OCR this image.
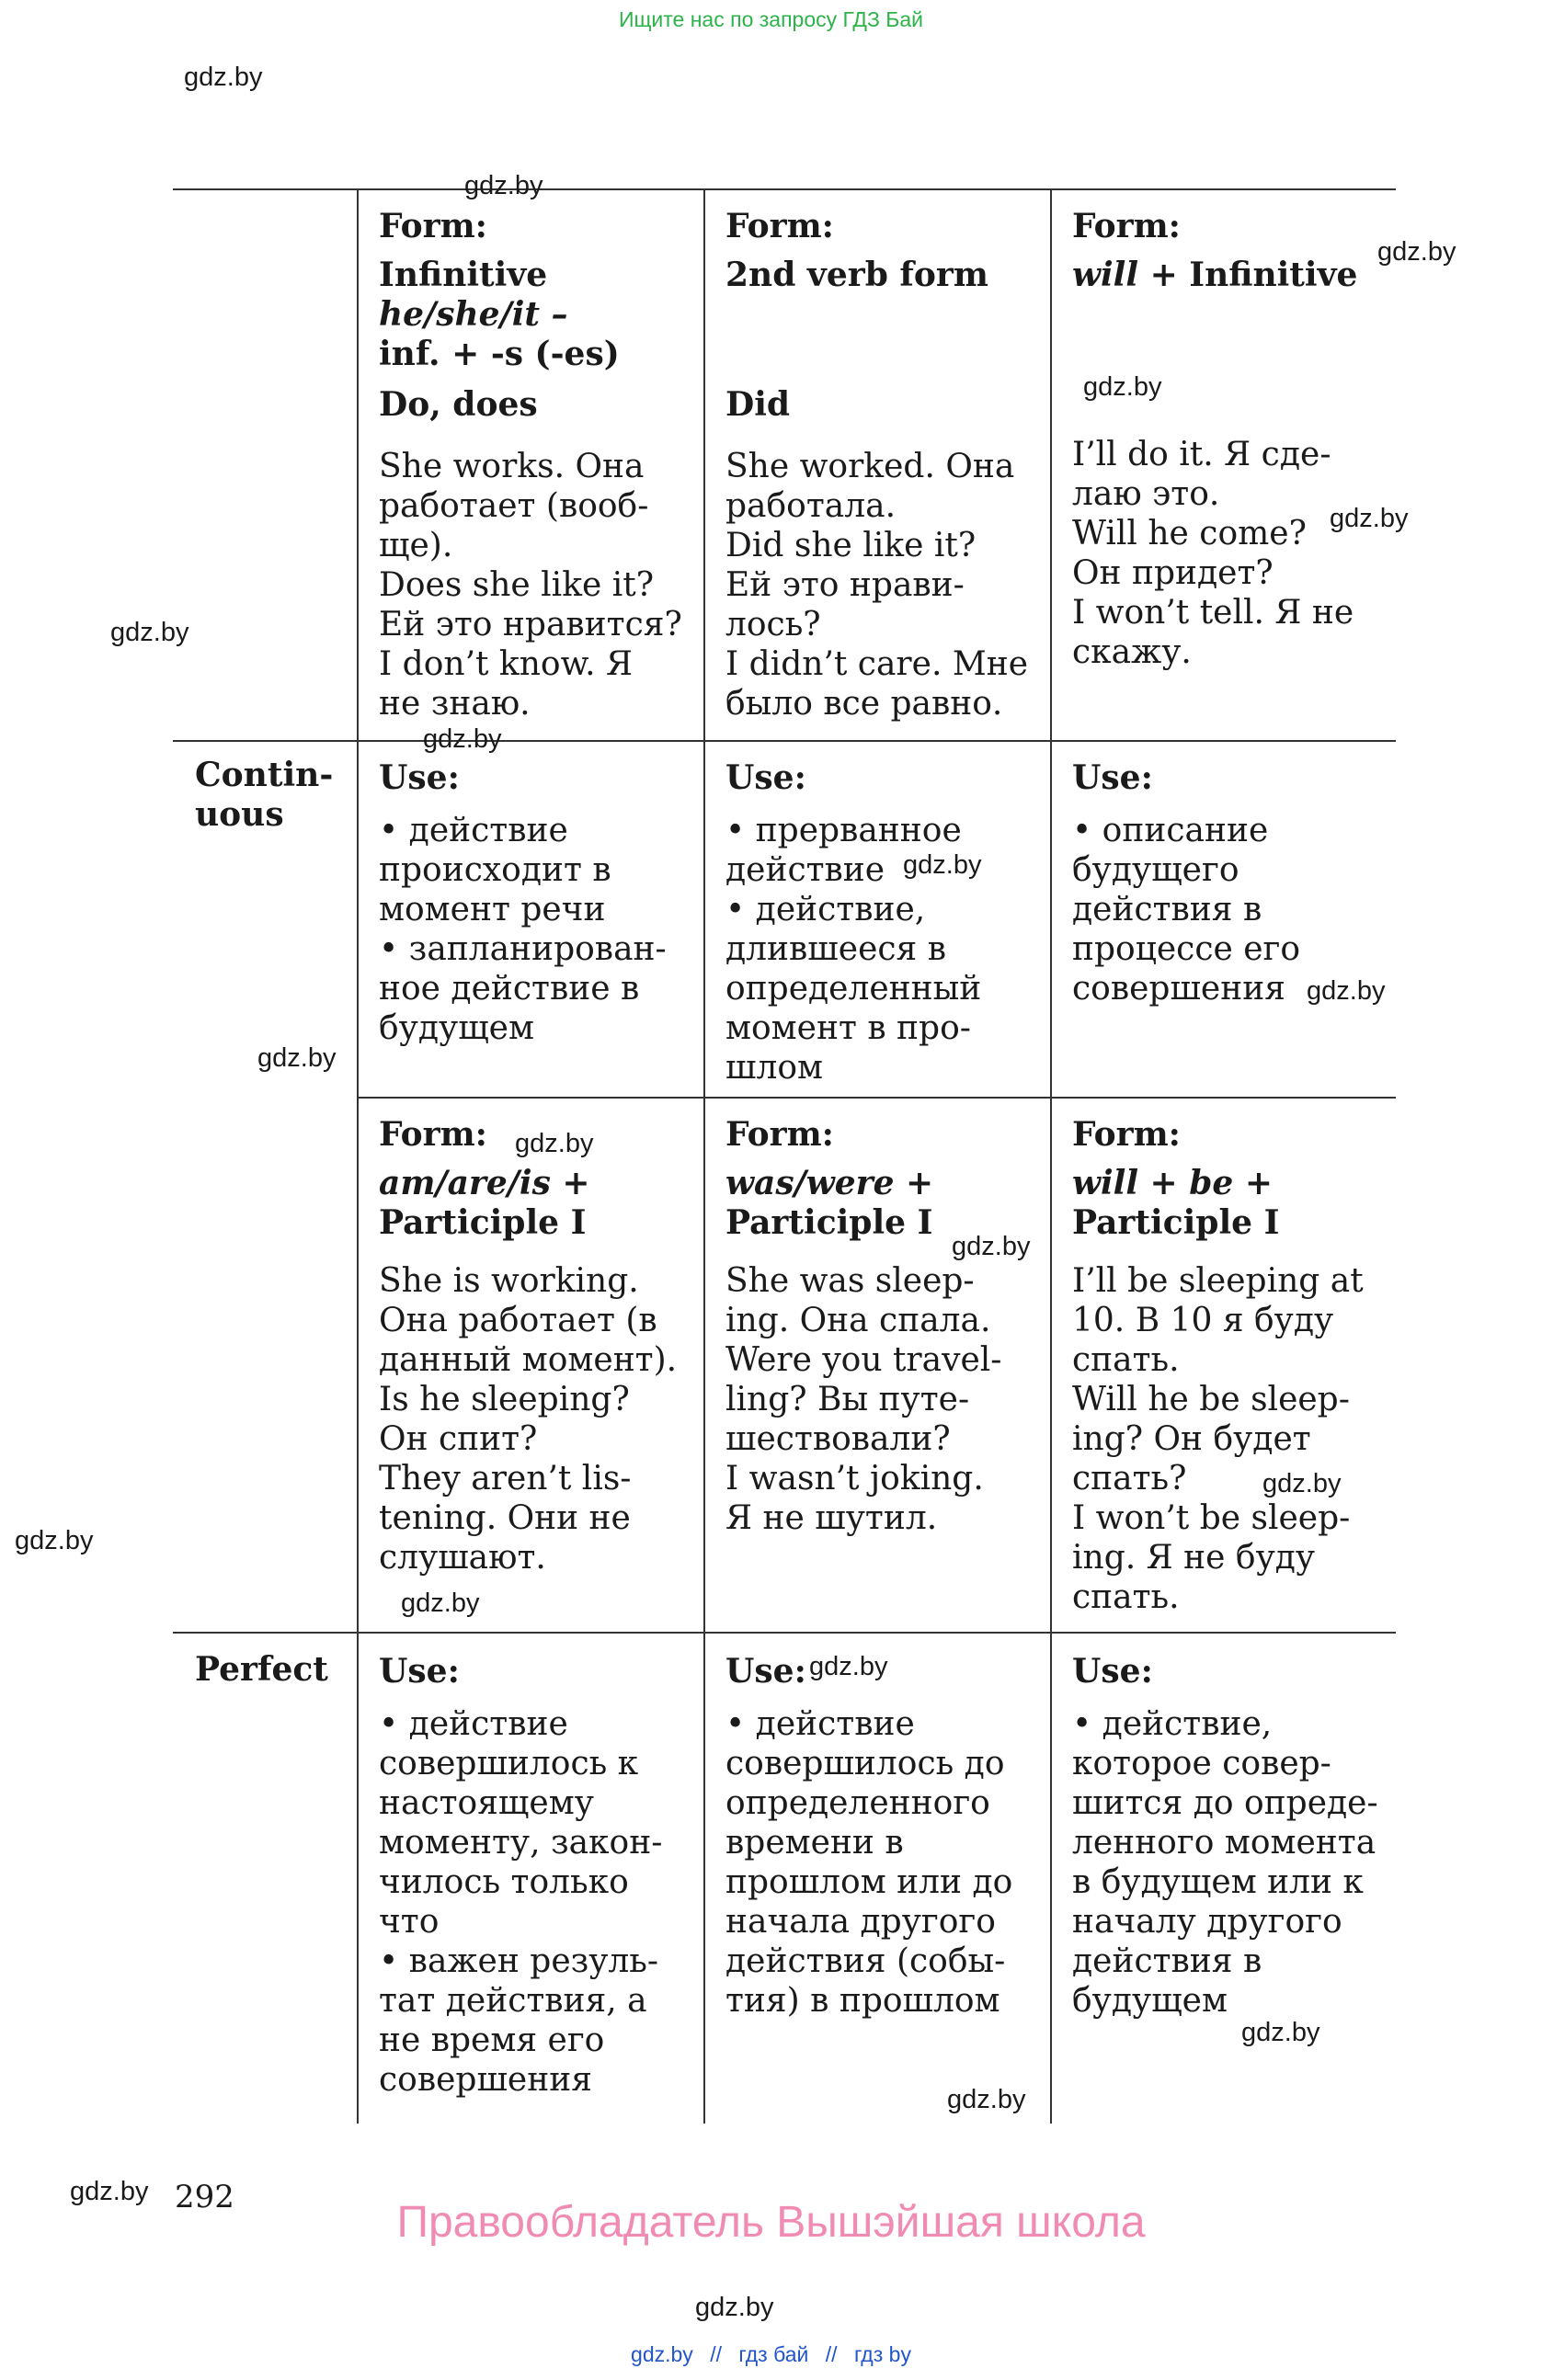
Ищите нас по запросу ГДЗ Бай
Contin-
uous
Perfect
Form:
Infinitive
he/she/it –
inf. + -s (-es)
Do, does
She works. Она
работает (вооб-
ще).
Does she like it?
Ей это нравится?
I don’t know. Я
не знаю.
Form:
2nd verb form
Did
She worked. Она
работала.
Did she like it?
Ей это нрави-
лось?
I didn’t care. Мне
было все равно.
Form:
will + Infinitive
I’ll do it. Я сде-
лаю это.
Will he come?
Он придет?
I won’t tell. Я не
скажу.
Use:
• действие
происходит в
момент речи
• запланирован-
ное действие в
будущем
Use:
• прерванное
действие
• действие,
длившееся в
определенный
момент в про-
шлом
Use:
• описание
будущего
действия в
процессе его
совершения
Form:
am/are/is +
Participle I
She is working.
Она работает (в
данный момент).
Is he sleeping?
Он спит?
They aren’t lis-
tening. Они не
слушают.
Form:
was/were +
Participle I
She was sleep-
ing. Она спала.
Were you travel-
ling? Вы путе-
шествовали?
I wasn’t joking.
Я не шутил.
Form:
will + be +
Participle I
I’ll be sleeping at
10. В 10 я буду
спать.
Will he be sleep-
ing? Он будет
спать?
I won’t be sleep-
ing. Я не буду
спать.
Use:
• действие
совершилось к
настоящему
моменту, закон-
чилось только
что
• важен резуль-
тат действия, а
не время его
совершения
Use:
• действие
совершилось до
определенного
времени в
прошлом или до
начала другого
действия (собы-
тия) в прошлом
Use:
• действие,
которое совер-
шится до опреде-
ленного момента
в будущем или к
началу другого
действия в
будущем
gdz.by
gdz.by
gdz.by
gdz.by
gdz.by
gdz.by
gdz.by
gdz.by
gdz.by
gdz.by
gdz.by
gdz.by
gdz.by
gdz.by
gdz.by
gdz.by
gdz.by
gdz.by
gdz.by
gdz.by
292
Правообладатель Вышэйшая школа
gdz.by // гдз бай // гдз by
